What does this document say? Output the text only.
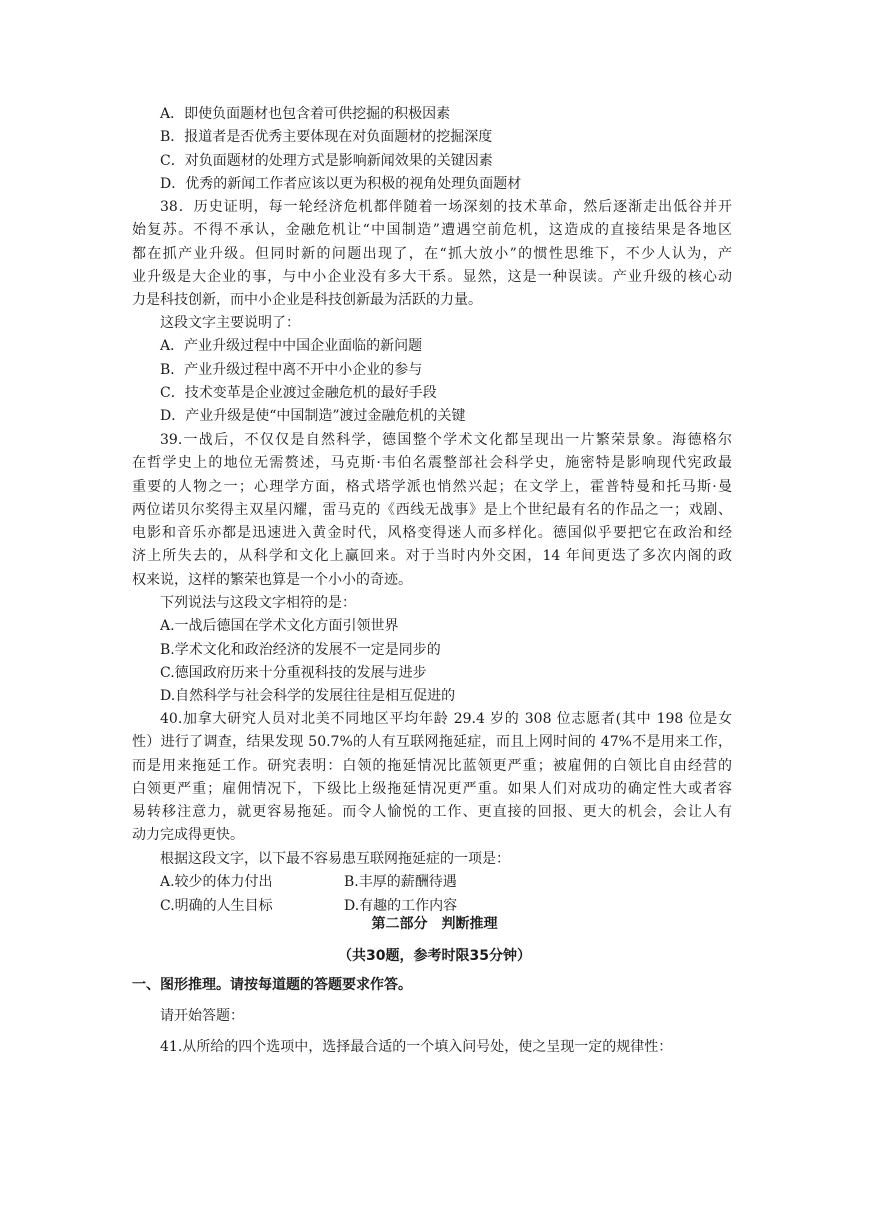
A．即使负面题材也包含着可供挖掘的积极因素
B．报道者是否优秀主要体现在对负面题材的挖掘深度
C．对负面题材的处理方式是影响新闻效果的关键因素
D．优秀的新闻工作者应该以更为积极的视角处理负面题材
38．历史证明，每一轮经济危机都伴随着一场深刻的技术革命，然后逐渐走出低谷并开
始复苏。不得不承认，金融危机让“中国制造”遭遇空前危机，这造成的直接结果是各地区
都在抓产业升级。但同时新的问题出现了，在“抓大放小”的惯性思维下，不少人认为，产
业升级是大企业的事，与中小企业没有多大干系。显然，这是一种误读。产业升级的核心动
力是科技创新，而中小企业是科技创新最为活跃的力量。
这段文字主要说明了：
A．产业升级过程中中国企业面临的新问题
B．产业升级过程中离不开中小企业的参与
C．技术变革是企业渡过金融危机的最好手段
D．产业升级是使“中国制造”渡过金融危机的关键
39.一战后，不仅仅是自然科学，德国整个学术文化都呈现出一片繁荣景象。海德格尔
在哲学史上的地位无需赘述，马克斯·韦伯名震整部社会科学史，施密特是影响现代宪政最
重要的人物之一；心理学方面，格式塔学派也悄然兴起；在文学上，霍普特曼和托马斯·曼
两位诺贝尔奖得主双星闪耀，雷马克的《西线无战事》是上个世纪最有名的作品之一；戏剧、
电影和音乐亦都是迅速进入黄金时代，风格变得迷人而多样化。德国似乎要把它在政治和经
济上所失去的，从科学和文化上赢回来。对于当时内外交困，14 年间更迭了多次内阁的政
权来说，这样的繁荣也算是一个小小的奇迹。
下列说法与这段文字相符的是：
A.一战后德国在学术文化方面引领世界
B.学术文化和政治经济的发展不一定是同步的
C.德国政府历来十分重视科技的发展与进步
D.自然科学与社会科学的发展往往是相互促进的
40.加拿大研究人员对北美不同地区平均年龄 29.4 岁的 308 位志愿者(其中 198 位是女
性）进行了调查，结果发现 50.7%的人有互联网拖延症，而且上网时间的 47%不是用来工作，
而是用来拖延工作。研究表明：白领的拖延情况比蓝领更严重；被雇佣的白领比自由经营的
白领更严重；雇佣情况下，下级比上级拖延情况更严重。如果人们对成功的确定性大或者容
易转移注意力，就更容易拖延。而令人愉悦的工作、更直接的回报、更大的机会，会让人有
动力完成得更快。
根据这段文字，以下最不容易患互联网拖延症的一项是：
A.较少的体力付出	B.丰厚的薪酬待遇
C.明确的人生目标	D.有趣的工作内容
第二部分　判断推理
（共30题，参考时限35分钟）
一、图形推理。请按每道题的答题要求作答。
请开始答题：
41.从所给的四个选项中，选择最合适的一个填入问号处，使之呈现一定的规律性：
